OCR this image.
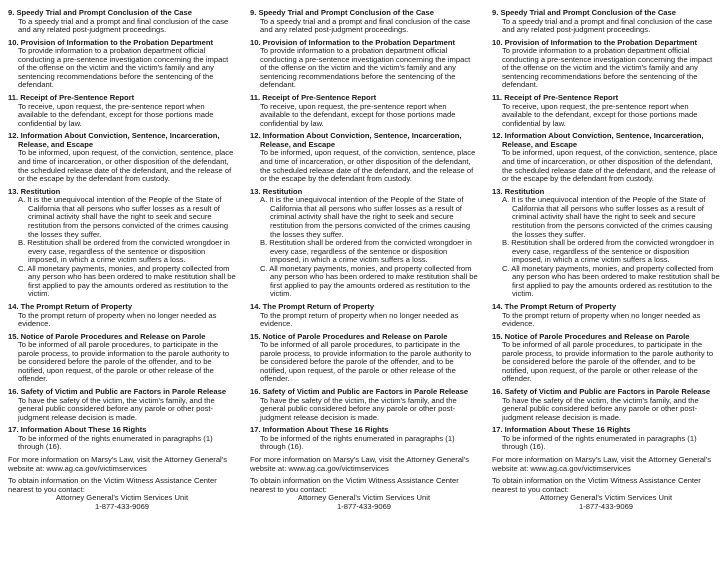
9. Speedy Trial and Prompt Conclusion of the Case
To a speedy trial and a prompt and final conclusion of the case and any related post-judgment proceedings.
10. Provision of Information to the Probation Department
To provide information to a probation department official conducting a pre-sentence investigation concerning the impact of the offense on the victim and the victim's family and any sentencing recommendations before the sentencing of the defendant.
11. Receipt of Pre-Sentence Report
To receive, upon request, the pre-sentence report when available to the defendant, except for those portions made confidential by law.
12. Information About Conviction, Sentence, Incarceration, Release, and Escape
To be informed, upon request, of the conviction, sentence, place and time of incarceration, or other disposition of the defendant, the scheduled release date of the defendant, and the release of or the escape by the defendant from custody.
13. Restitution
A. It is the unequivocal intention of the People of the State of California that all persons who suffer losses as a result of criminal activity shall have the right to seek and secure restitution from the persons convicted of the crimes causing the losses they suffer.
B. Restitution shall be ordered from the convicted wrongdoer in every case, regardless of the sentence or disposition imposed, in which a crime victim suffers a loss.
C. All monetary payments, monies, and property collected from any person who has been ordered to make restitution shall be first applied to pay the amounts ordered as restitution to the victim.
14. The Prompt Return of Property
To the prompt return of property when no longer needed as evidence.
15. Notice of Parole Procedures and Release on Parole
To be informed of all parole procedures, to participate in the parole process, to provide information to the parole authority to be considered before the parole of the offender, and to be notified, upon request, of the parole or other release of the offender.
16. Safety of Victim and Public are Factors in Parole Release
To have the safety of the victim, the victim's family, and the general public considered before any parole or other post-judgment release decision is made.
17. Information About These 16 Rights
To be informed of the rights enumerated in paragraphs (1) through (16).

For more information on Marsy's Law, visit the Attorney General's website at: www.ag.ca.gov/victimservices

To obtain information on the Victim Witness Assistance Center nearest to you contact:
Attorney General's Victim Services Unit
1-877-433-9069

9. Speedy Trial and Prompt Conclusion of the Case
To a speedy trial and a prompt and final conclusion of the case and any related post-judgment proceedings.
10. Provision of Information to the Probation Department
To provide information to a probation department official conducting a pre-sentence investigation concerning the impact of the offense on the victim and the victim's family and any sentencing recommendations before the sentencing of the defendant.
11. Receipt of Pre-Sentence Report
To receive, upon request, the pre-sentence report when available to the defendant, except for those portions made confidential by law.
12. Information About Conviction, Sentence, Incarceration, Release, and Escape
To be informed, upon request, of the conviction, sentence, place and time of incarceration, or other disposition of the defendant, the scheduled release date of the defendant, and the release of or the escape by the defendant from custody.
13. Restitution
A. It is the unequivocal intention of the People of the State of California that all persons who suffer losses as a result of criminal activity shall have the right to seek and secure restitution from the persons convicted of the crimes causing the losses they suffer.
B. Restitution shall be ordered from the convicted wrongdoer in every case, regardless of the sentence or disposition imposed, in which a crime victim suffers a loss.
C. All monetary payments, monies, and property collected from any person who has been ordered to make restitution shall be first applied to pay the amounts ordered as restitution to the victim.
14. The Prompt Return of Property
To the prompt return of property when no longer needed as evidence.
15. Notice of Parole Procedures and Release on Parole
To be informed of all parole procedures, to participate in the parole process, to provide information to the parole authority to be considered before the parole of the offender, and to be notified, upon request, of the parole or other release of the offender.
16. Safety of Victim and Public are Factors in Parole Release
To have the safety of the victim, the victim's family, and the general public considered before any parole or other post-judgment release decision is made.
17. Information About These 16 Rights
To be informed of the rights enumerated in paragraphs (1) through (16).

For more information on Marsy's Law, visit the Attorney General's website at: www.ag.ca.gov/victimservices

To obtain information on the Victim Witness Assistance Center nearest to you contact:
Attorney General's Victim Services Unit
1-877-433-9069

9. Speedy Trial and Prompt Conclusion of the Case
To a speedy trial and a prompt and final conclusion of the case and any related post-judgment proceedings.
10. Provision of Information to the Probation Department
To provide information to a probation department official conducting a pre-sentence investigation concerning the impact of the offense on the victim and the victim's family and any sentencing recommendations before the sentencing of the defendant.
11. Receipt of Pre-Sentence Report
To receive, upon request, the pre-sentence report when available to the defendant, except for those portions made confidential by law.
12. Information About Conviction, Sentence, Incarceration, Release, and Escape
To be informed, upon request, of the conviction, sentence, place and time of incarceration, or other disposition of the defendant, the scheduled release date of the defendant, and the release of or the escape by the defendant from custody.
13. Restitution
A. It is the unequivocal intention of the People of the State of California that all persons who suffer losses as a result of criminal activity shall have the right to seek and secure restitution from the persons convicted of the crimes causing the losses they suffer.
B. Restitution shall be ordered from the convicted wrongdoer in every case, regardless of the sentence or disposition imposed, in which a crime victim suffers a loss.
C. All monetary payments, monies, and property collected from any person who has been ordered to make restitution shall be first applied to pay the amounts ordered as restitution to the victim.
14. The Prompt Return of Property
To the prompt return of property when no longer needed as evidence.
15. Notice of Parole Procedures and Release on Parole
To be informed of all parole procedures, to participate in the parole process, to provide information to the parole authority to be considered before the parole of the offender, and to be notified, upon request, of the parole or other release of the offender.
16. Safety of Victim and Public are Factors in Parole Release
To have the safety of the victim, the victim's family, and the general public considered before any parole or other post-judgment release decision is made.
17. Information About These 16 Rights
To be informed of the rights enumerated in paragraphs (1) through (16).

For more information on Marsy's Law, visit the Attorney General's website at: www.ag.ca.gov/victimservices

To obtain information on the Victim Witness Assistance Center nearest to you contact:
Attorney General's Victim Services Unit
1-877-433-9069
